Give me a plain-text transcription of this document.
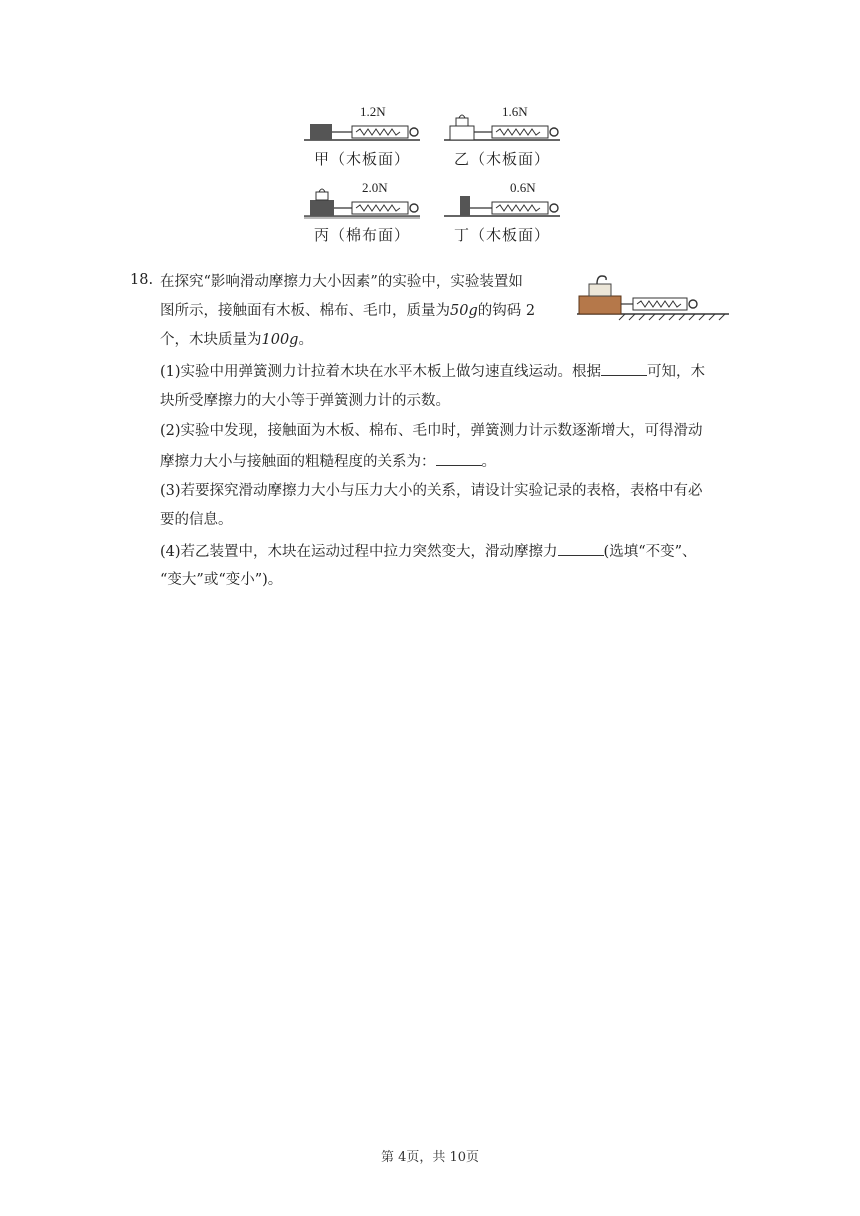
1.2N
甲（木板面）
1.6N
乙（木板面）
2.0N
丙（棉布面）
0.6N
丁（木板面）
18. 在探究“影响滑动摩擦力大小因素”的实验中，实验装置如
图所示，接触面有木板、棉布、毛巾，质量为50g的钩码 2
个，木块质量为100g。
(1)实验中用弹簧测力计拉着木块在水平木板上做匀速直线运动。根据	可知，木
块所受摩擦力的大小等于弹簧测力计的示数。
(2)实验中发现，接触面为木板、棉布、毛巾时，弹簧测力计示数逐渐增大，可得滑动
摩擦力大小与接触面的粗糙程度的关系为：	。
(3)若要探究滑动摩擦力大小与压力大小的关系，请设计实验记录的表格，表格中有必
要的信息。
(4)若乙装置中，木块在运动过程中拉力突然变大，滑动摩擦力	(选填“不变”、
“变大”或“变小”)。
第 4页，共 10页
